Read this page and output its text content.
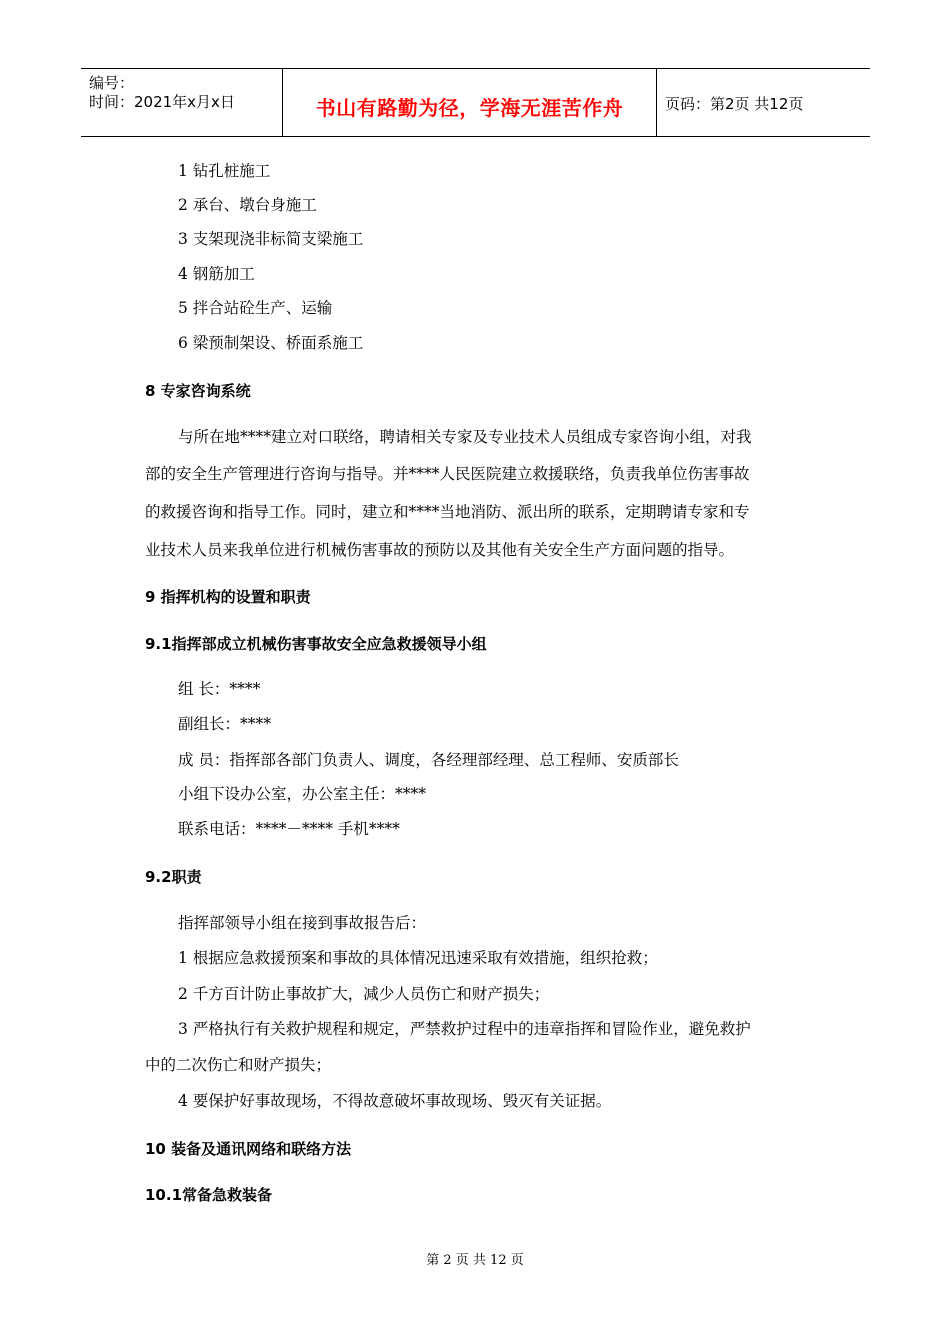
编号：
时间：2021年x月x日	书山有路勤为径，学海无涯苦作舟	页码：第2页 共12页
1 钻孔桩施工
2 承台、墩台身施工
3 支架现浇非标简支梁施工
4 钢筋加工
5 拌合站砼生产、运输
6 梁预制架设、桥面系施工
8 专家咨询系统
与所在地****建立对口联络，聘请相关专家及专业技术人员组成专家咨询小组，对我
部的安全生产管理进行咨询与指导。并****人民医院建立救援联络，负责我单位伤害事故
的救援咨询和指导工作。同时，建立和****当地消防、派出所的联系，定期聘请专家和专
业技术人员来我单位进行机械伤害事故的预防以及其他有关安全生产方面问题的指导。
9 指挥机构的设置和职责
9.1指挥部成立机械伤害事故安全应急救援领导小组
组 长：****
副组长：****
成 员：指挥部各部门负责人、调度，各经理部经理、总工程师、安质部长
小组下设办公室，办公室主任：****
联系电话：****－**** 手机****
9.2职责
指挥部领导小组在接到事故报告后：
1 根据应急救援预案和事故的具体情况迅速采取有效措施，组织抢救；
2 千方百计防止事故扩大，减少人员伤亡和财产损失；
3 严格执行有关救护规程和规定，严禁救护过程中的违章指挥和冒险作业，避免救护
中的二次伤亡和财产损失；
4 要保护好事故现场，不得故意破坏事故现场、毁灭有关证据。
10 装备及通讯网络和联络方法
10.1常备急救装备
第 2 页 共 12 页
